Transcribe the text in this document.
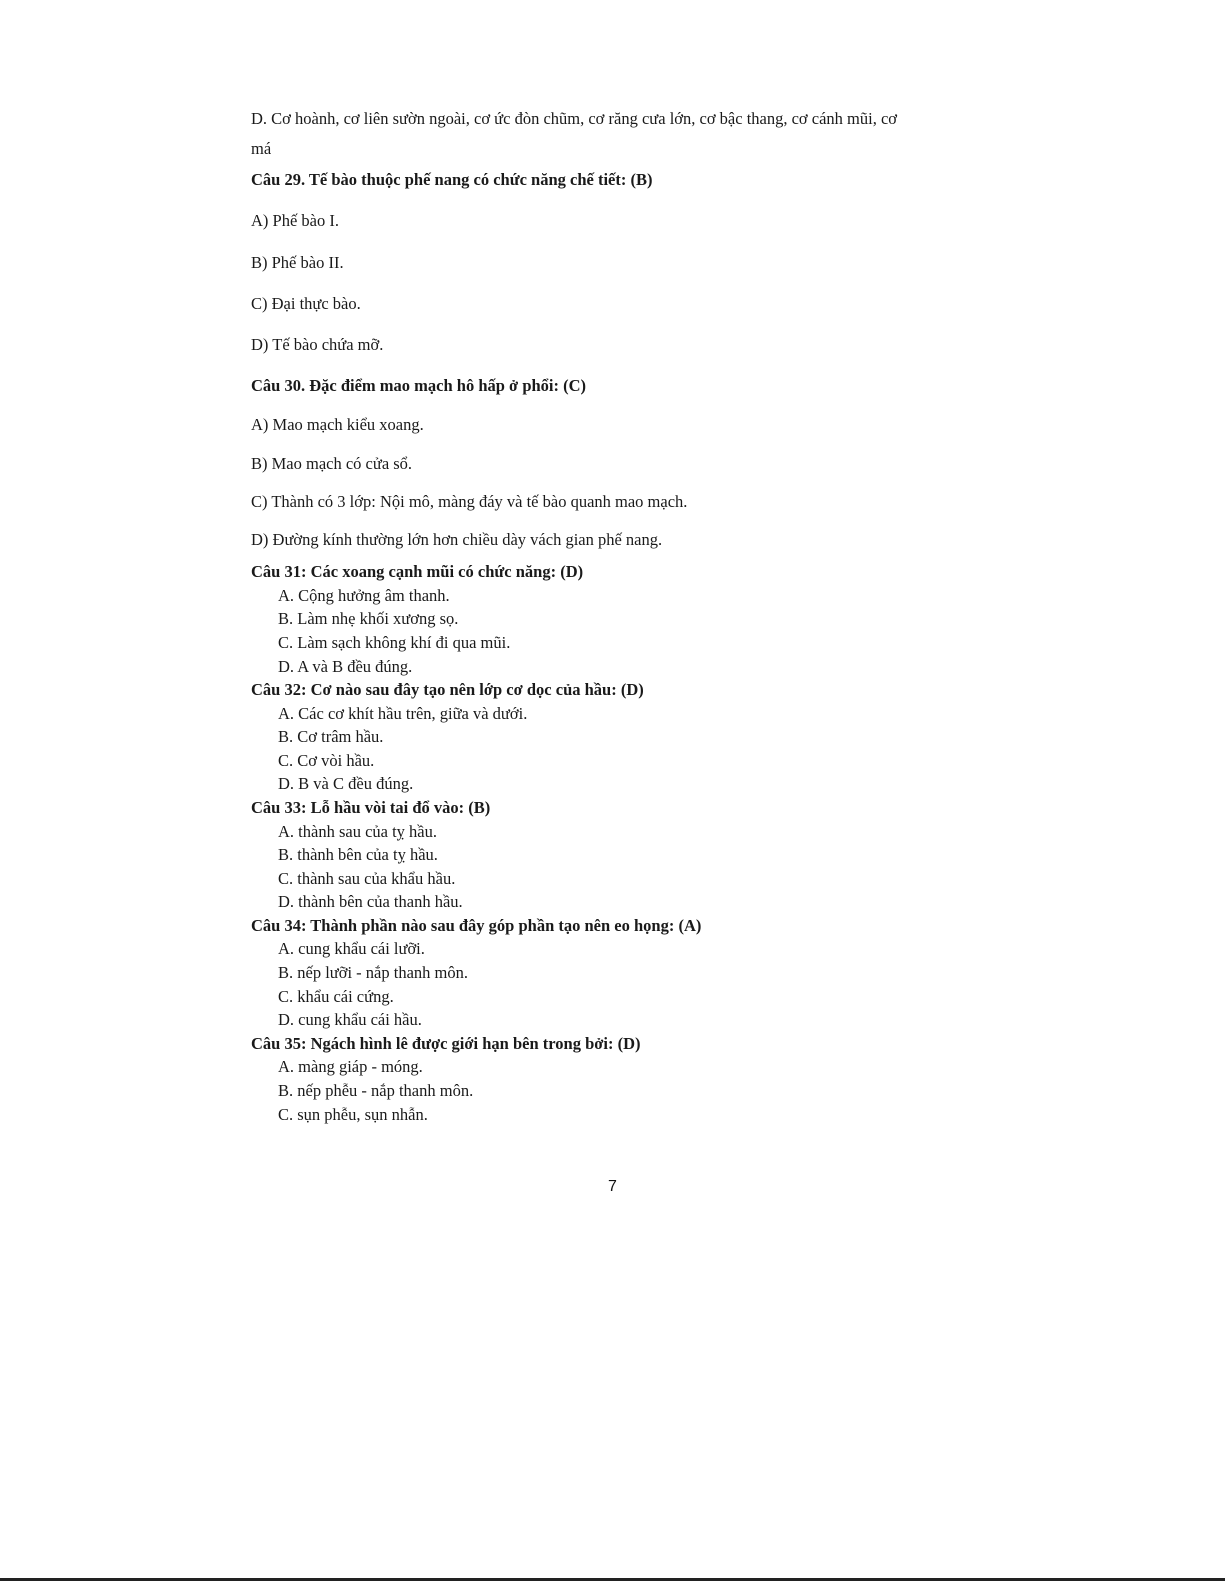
D. Cơ hoành, cơ liên sườn ngoài, cơ ức đòn chũm, cơ răng cưa lớn, cơ bậc thang, cơ cánh mũi, cơ

má

Câu 29. Tế bào thuộc phế nang có chức năng chế tiết: (B)

A) Phế bào I.

B) Phế bào II.

C) Đại thực bào.

D) Tế bào chứa mỡ.

Câu 30. Đặc điểm mao mạch hô hấp ở phổi: (C)

A) Mao mạch kiểu xoang.

B) Mao mạch có cửa sổ.

C) Thành có 3 lớp: Nội mô, màng đáy và tế bào quanh mao mạch.

D) Đường kính thường lớn hơn chiều dày vách gian phế nang.

Câu 31: Các xoang cạnh mũi có chức năng: (D)

A. Cộng hưởng âm thanh.

B. Làm nhẹ khối xương sọ.

C. Làm sạch không khí đi qua mũi.

D. A và B đều đúng.

Câu 32: Cơ nào sau đây tạo nên lớp cơ dọc của hầu: (D)

A. Các cơ khít hầu trên, giữa và dưới.

B. Cơ trâm hầu.

C. Cơ vòi hầu.

D. B và C đều đúng.

Câu 33: Lỗ hầu vòi tai đổ vào: (B)

A. thành sau của tỵ hầu.

B. thành bên của tỵ hầu.

C. thành sau của khẩu hầu.

D. thành bên của thanh hầu.

Câu 34: Thành phần nào sau đây góp phần tạo nên eo họng: (A)

A. cung khẩu cái lưỡi.

B. nếp lưỡi - nắp thanh môn.

C. khẩu cái cứng.

D. cung khẩu cái hầu.

Câu 35: Ngách hình lê được giới hạn bên trong bởi: (D)

A. màng giáp - móng.

B. nếp phễu - nắp thanh môn.

C. sụn phễu, sụn nhẫn.

7
